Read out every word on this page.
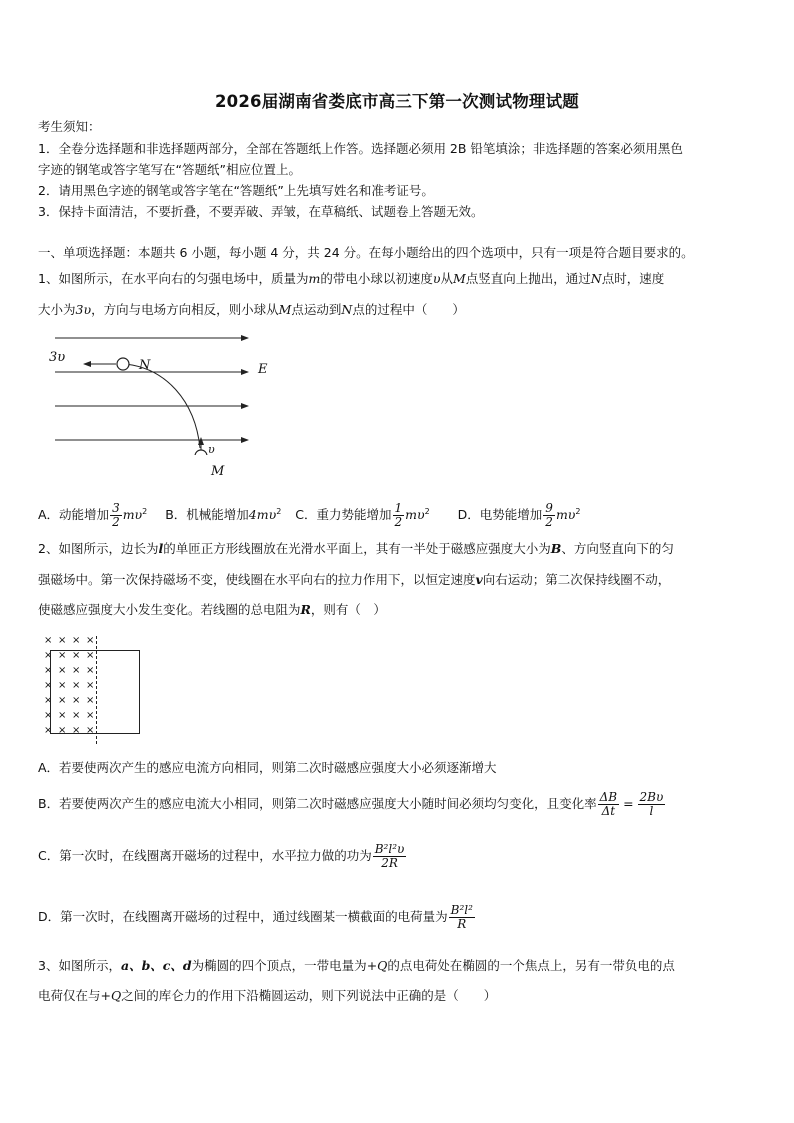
2026届湖南省娄底市高三下第一次测试物理试题
考生须知：
1．全卷分选择题和非选择题两部分，全部在答题纸上作答。选择题必须用 2B 铅笔填涂；非选择题的答案必须用黑色
字迹的钢笔或答字笔写在“答题纸”相应位置上。
2．请用黑色字迹的钢笔或答字笔在“答题纸”上先填写姓名和准考证号。
3．保持卡面清洁，不要折叠，不要弄破、弄皱，在草稿纸、试题卷上答题无效。
一、单项选择题：本题共 6 小题，每小题 4 分，共 24 分。在每小题给出的四个选项中，只有一项是符合题目要求的。
1、如图所示，在水平向右的匀强电场中，质量为m的带电小球以初速度υ从M点竖直向上抛出，通过N点时，速度
大小为3υ，方向与电场方向相反，则小球从M点运动到N点的过程中（　　）
3υ
N	E
υ
M
A．动能增加 $\frac{3}{2} m\upsilon^2$ B．机械能增加$4m\upsilon^2$ C．重力势能增加 $\frac{1}{2} m\upsilon^2$ D．电势能增加 $\frac{9}{2} m\upsilon^2$
2、如图所示，边长为l的单匝正方形线圈放在光滑水平面上，其有一半处于磁感应强度大小为B、方向竖直向下的匀
强磁场中。第一次保持磁场不变，使线圈在水平向右的拉力作用下，以恒定速度v向右运动；第二次保持线圈不动，
使磁感应强度大小发生变化。若线圈的总电阻为R，则有（　）
× × × ×
× × × ×
× × × ×
× × × ×
× × × ×
× × × ×
× × × ×
A．若要使两次产生的感应电流方向相同，则第二次时磁感应强度大小必须逐渐增大
B．若要使两次产生的感应电流大小相同，则第二次时磁感应强度大小随时间必须均匀变化，且变化率 $\frac{\Delta B}{\Delta t} = \frac{2B\upsilon}{l}$
C．第一次时，在线圈离开磁场的过程中，水平拉力做的功为 $\frac{\text{B²l²υ}}{2R}$
D．第一次时，在线圈离开磁场的过程中，通过线圈某一横截面的电荷量为 $\frac{\text{B²l²}}{R}$
3、如图所示，a、b、c、d为椭圆的四个顶点，一带电量为+Q的点电荷处在椭圆的一个焦点上，另有一带负电的点
电荷仅在与+Q之间的库仑力的作用下沿椭圆运动，则下列说法中正确的是（　　）
